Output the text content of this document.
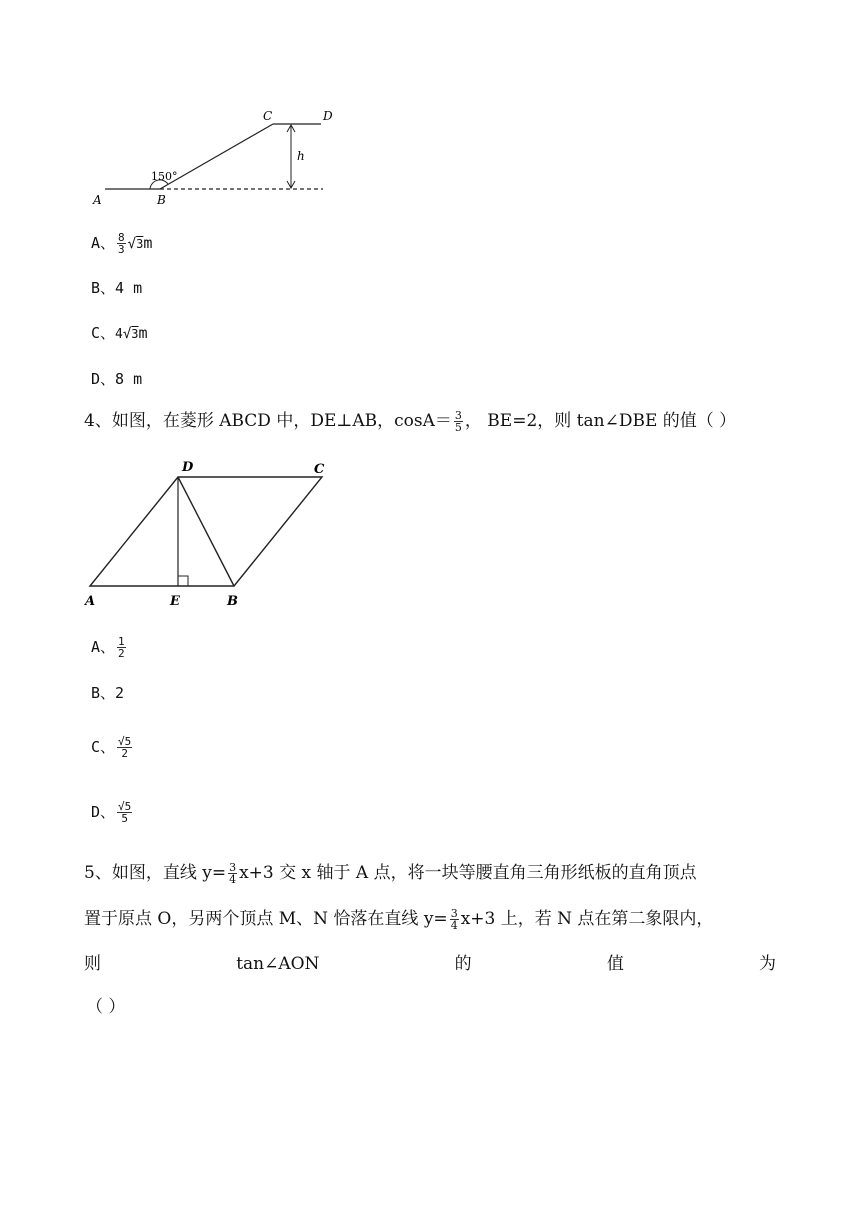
A	B
C	D
h
150°
A、 $\frac{8}{3} √3m$
B、4 m
C、4√3m
D、8 m
4、如图，在菱形 ABCD 中，DE⊥AB，$\cos A= \frac{3}{5}$ ， BE=2，则 tan∠DBE 的值（ ）
A	E	B
D	C
A、 $\frac{1}{2}$
B、2
C、 $\frac{√5}{2}$
D、 $\frac{√5}{5}$
5、如图，直线 $y= \frac{3}{4} x+3$ 交 x 轴于 A 点，将一块等腰直角三角形纸板的直角顶点
置于原点 O，另两个顶点 M、N 恰落在直线 $y= \frac{3}{4} x+3$ 上，若 N 点在第二象限内，
则	tan∠AON	的	值	为
（ ）
